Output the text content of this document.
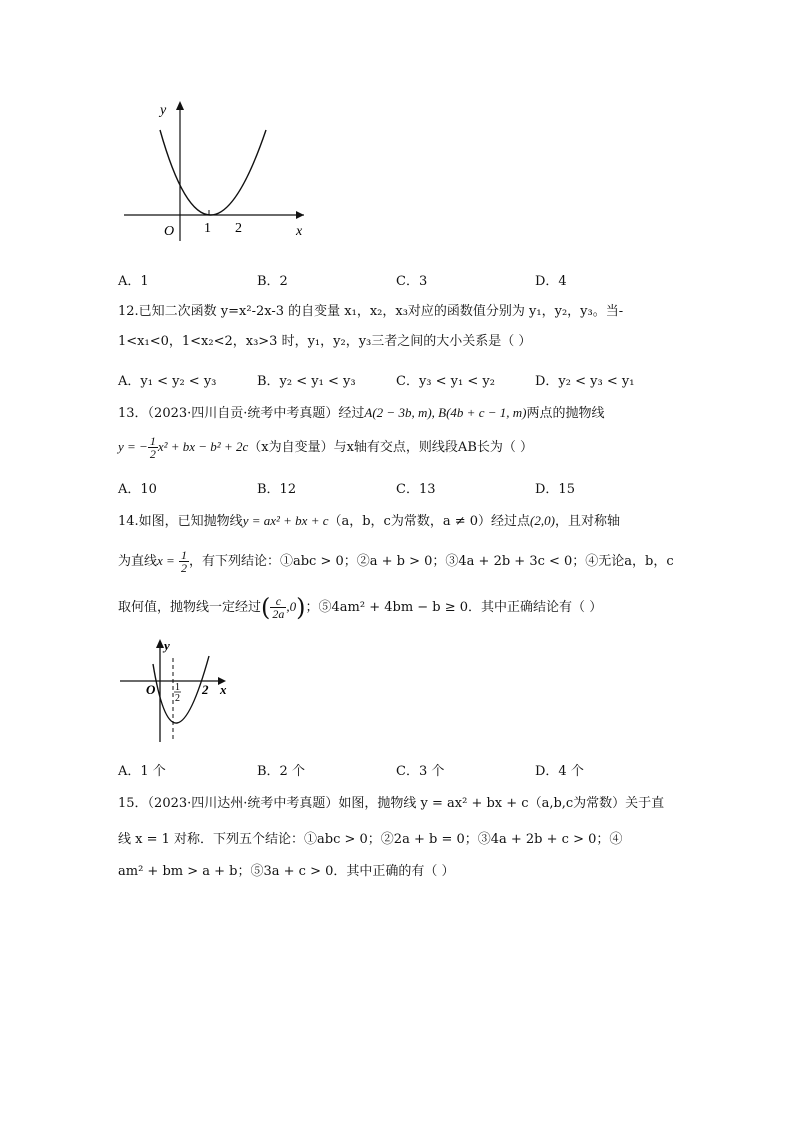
y
x
O 1 2
A．1	B．2	C．3	D．4
12.已知二次函数 y=x²-2x-3 的自变量 x₁，x₂，x₃对应的函数值分别为 y₁，y₂，y₃。当-
1<x₁<0，1<x₂<2，x₃>3 时，y₁，y₂，y₃三者之间的大小关系是（ ）
A．y₁ < y₂ < y₃	B．y₂ < y₁ < y₃	C．y₃ < y₁ < y₂	D．y₂ < y₃ < y₁
13．（2023·四川自贡·统考中考真题）经过A(2 − 3b, m), B(4b + c − 1, m)两点的抛物线
y = − $\frac{1}{2} x^2$ + bx − b² + 2c（x为自变量）与x轴有交点，则线段AB长为（ ）
A．10	B．12	C．13	D．15
14.如图，已知抛物线y = ax² + bx + c（a，b，c为常数，a ≠ 0）经过点(2,0)，且对称轴
为直线$x = \frac{1}{2}$ ，有下列结论：①abc > 0；②a + b > 0；③4a + 2b + 3c < 0；④无论a，b，c
取何值，抛物线一定经过( $\frac{c}{2a} ,0$)；⑤4am² + 4bm − b ≥ 0．其中正确结论有（ ）
y
x
O 1
2
2
A．1 个	B．2 个	C．3 个	D．4 个
15．（2023·四川达州·统考中考真题）如图，抛物线 y = ax² + bx + c（a,b,c为常数）关于直
线 x = 1 对称．下列五个结论：①abc > 0；②2a + b = 0；③4a + 2b + c > 0；④
am² + bm > a + b；⑤3a + c > 0．其中正确的有（ ）
